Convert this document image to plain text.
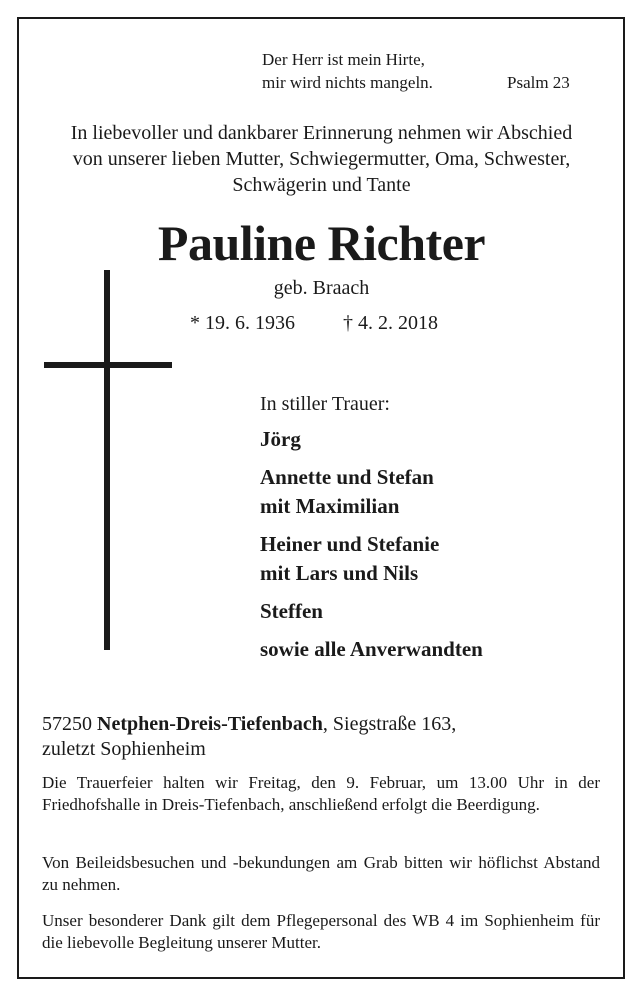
Der Herr ist mein Hirte,
mir wird nichts mangeln.	Psalm 23
In liebevoller und dankbarer Erinnerung nehmen wir Abschied
von unserer lieben Mutter, Schwiegermutter, Oma, Schwester,
Schwägerin und Tante
Pauline Richter
geb. Braach
* 19. 6. 1936 † 4. 2. 2018
In stiller Trauer:
Jörg
Annette und Stefan
mit Maximilian
Heiner und Stefanie
mit Lars und Nils
Steffen
sowie alle Anverwandten
57250 Netphen-Dreis-Tiefenbach, Siegstraße 163,
zuletzt Sophienheim
Die Trauerfeier halten wir Freitag, den 9. Februar, um 13.00 Uhr in der Friedhofshalle in Dreis-Tiefenbach, anschließend erfolgt die Beerdigung.
Von Beileidsbesuchen und -bekundungen am Grab bitten wir höflichst Abstand zu nehmen.
Unser besonderer Dank gilt dem Pflegepersonal des WB 4 im Sophienheim für die liebevolle Begleitung unserer Mutter.
